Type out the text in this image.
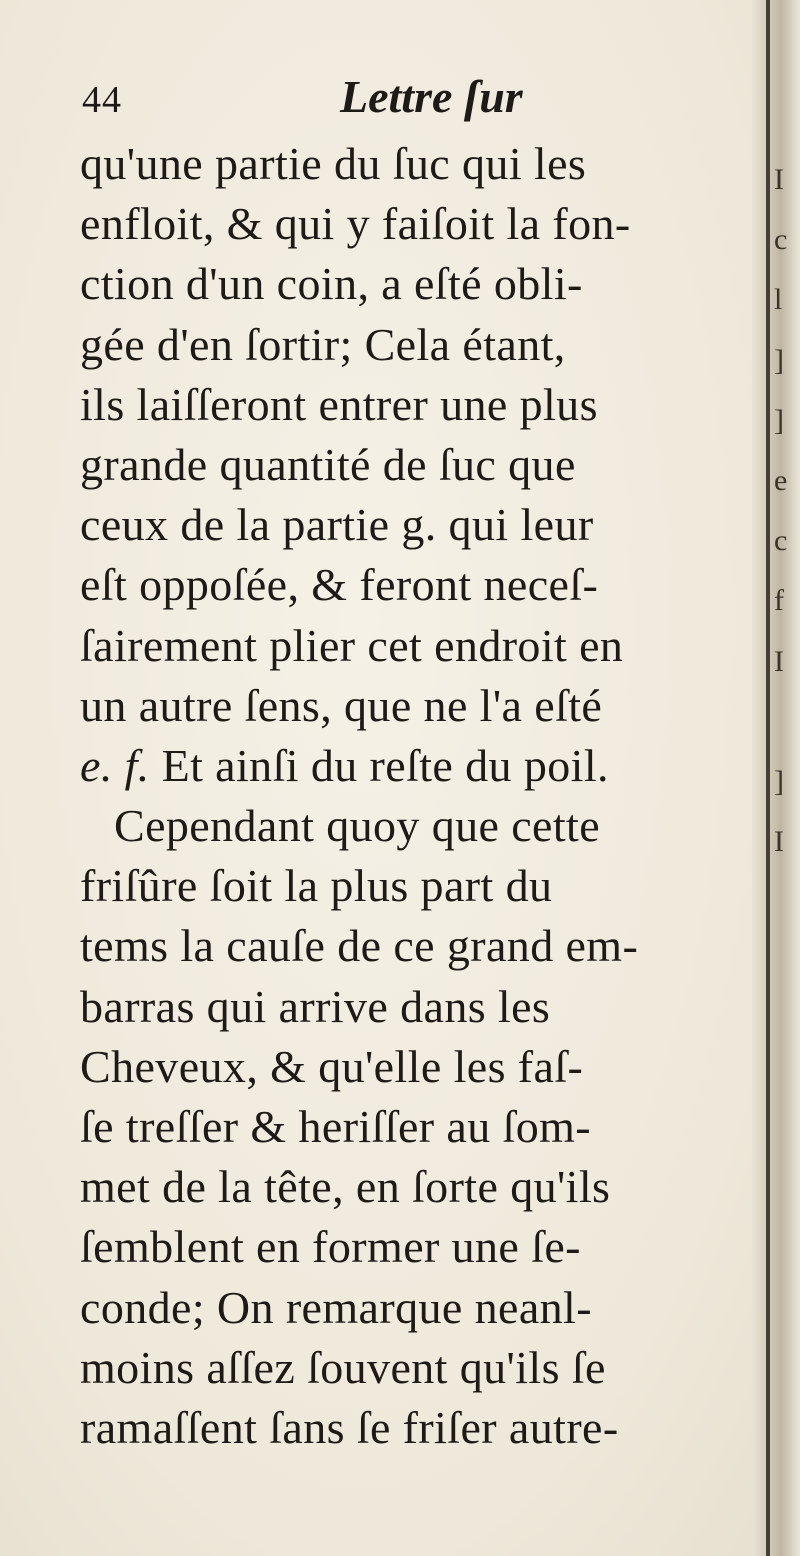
44	Lettre ſur
qu'une partie du ſuc qui les
enfloit, & qui y faiſoit la fon-
ction d'un coin, a eſté obli-
gée d'en ſortir; Cela étant,
ils laiſſeront entrer une plus
grande quantité de ſuc que
ceux de la partie g. qui leur
eſt oppoſée, & feront neceſ-
ſairement plier cet endroit en
un autre ſens, que ne l'a eſté
e. f. Et ainſi du reſte du poil.
Cependant quoy que cette
friſûre ſoit la plus part du
tems la cauſe de ce grand em-
barras qui arrive dans les
Cheveux, & qu'elle les faſ-
ſe treſſer & heriſſer au ſom-
met de la tête, en ſorte qu'ils
ſemblent en former une ſe-
conde; On remarque neanl-
moins aſſez ſouvent qu'ils ſe
ramaſſent ſans ſe friſer autre-
I
c
l
]
]
e
c
f
I
]
I
